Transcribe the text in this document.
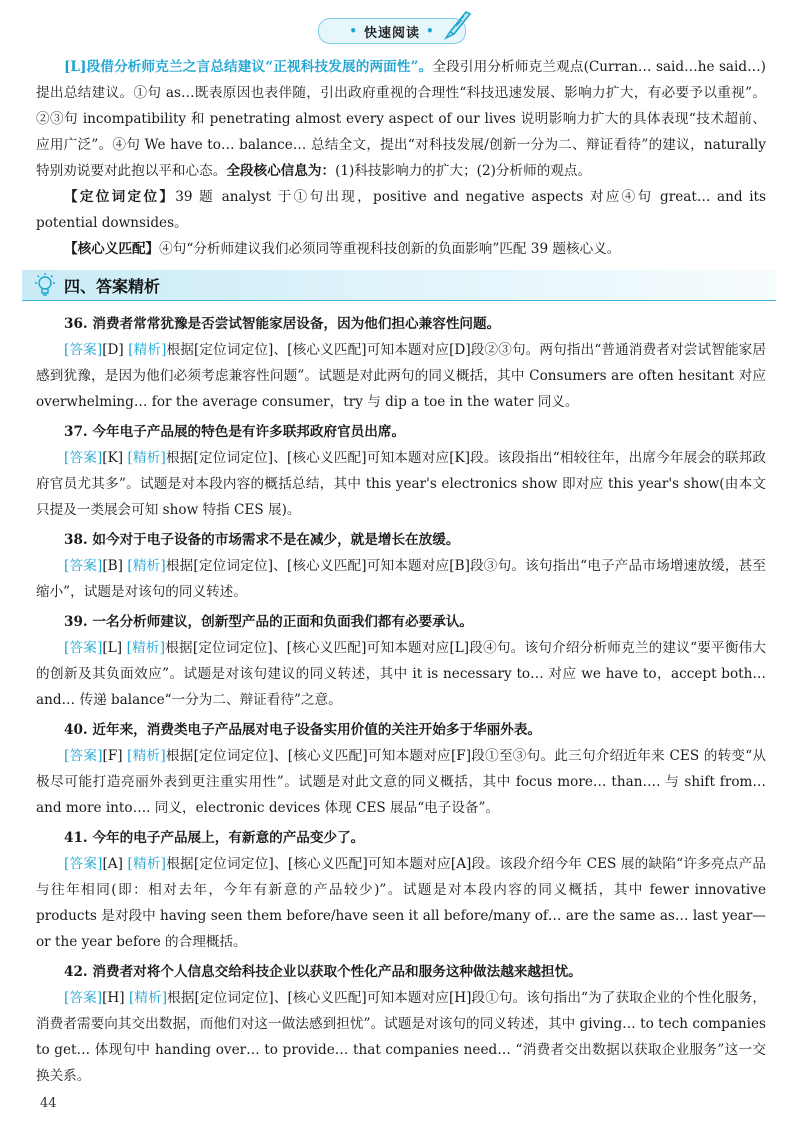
• 快速阅读 •

[L]段借分析师克兰之言总结建议“正视科技发展的两面性”。全段引用分析师克兰观点(Curran… said…he said…)提出总结建议。①句 as…既表原因也表伴随，引出政府重视的合理性“科技迅速发展、影响力扩大，有必要予以重视”。②③句 incompatibility 和 penetrating almost every aspect of our lives 说明影响力扩大的具体表现“技术超前、应用广泛”。④句 We have to… balance… 总结全文，提出“对科技发展/创新一分为二、辩证看待”的建议，naturally 特别劝说要对此抱以平和心态。全段核心信息为：(1)科技影响力的扩大；(2)分析师的观点。

【定位词定位】39 题 analyst 于①句出现，positive and negative aspects 对应④句 great… and its potential downsides。

【核心义匹配】④句“分析师建议我们必须同等重视科技创新的负面影响”匹配 39 题核心义。

四、答案精析

36. 消费者常常犹豫是否尝试智能家居设备，因为他们担心兼容性问题。

[答案][D] [精析]根据[定位词定位]、[核心义匹配]可知本题对应[D]段②③句。两句指出“普通消费者对尝试智能家居感到犹豫，是因为他们必须考虑兼容性问题”。试题是对此两句的同义概括，其中 Consumers are often hesitant 对应 overwhelming… for the average consumer，try 与 dip a toe in the water 同义。

37. 今年电子产品展的特色是有许多联邦政府官员出席。

[答案][K] [精析]根据[定位词定位]、[核心义匹配]可知本题对应[K]段。该段指出“相较往年，出席今年展会的联邦政府官员尤其多”。试题是对本段内容的概括总结，其中 this year's electronics show 即对应 this year's show(由本文只提及一类展会可知 show 特指 CES 展)。

38. 如今对于电子设备的市场需求不是在减少，就是增长在放缓。

[答案][B] [精析]根据[定位词定位]、[核心义匹配]可知本题对应[B]段③句。该句指出“电子产品市场增速放缓，甚至缩小”，试题是对该句的同义转述。

39. 一名分析师建议，创新型产品的正面和负面我们都有必要承认。

[答案][L] [精析]根据[定位词定位]、[核心义匹配]可知本题对应[L]段④句。该句介绍分析师克兰的建议“要平衡伟大的创新及其负面效应”。试题是对该句建议的同义转述，其中 it is necessary to… 对应 we have to，accept both… and… 传递 balance“一分为二、辩证看待”之意。

40. 近年来，消费类电子产品展对电子设备实用价值的关注开始多于华丽外表。

[答案][F] [精析]根据[定位词定位]、[核心义匹配]可知本题对应[F]段①至③句。此三句介绍近年来 CES 的转变“从极尽可能打造亮丽外表到更注重实用性”。试题是对此文意的同义概括，其中 focus more… than…. 与 shift from… and more into…. 同义，electronic devices 体现 CES 展品“电子设备”。

41. 今年的电子产品展上，有新意的产品变少了。

[答案][A] [精析]根据[定位词定位]、[核心义匹配]可知本题对应[A]段。该段介绍今年 CES 展的缺陷“许多亮点产品与往年相同(即：相对去年，今年有新意的产品较少)”。试题是对本段内容的同义概括，其中 fewer innovative products 是对段中 having seen them before/have seen it all before/many of… are the same as… last year—or the year before 的合理概括。

42. 消费者对将个人信息交给科技企业以获取个性化产品和服务这种做法越来越担忧。

[答案][H] [精析]根据[定位词定位]、[核心义匹配]可知本题对应[H]段①句。该句指出“为了获取企业的个性化服务，消费者需要向其交出数据，而他们对这一做法感到担忧”。试题是对该句的同义转述，其中 giving… to tech companies to get… 体现句中 handing over… to provide… that companies need… “消费者交出数据以获取企业服务”这一交换关系。

44
